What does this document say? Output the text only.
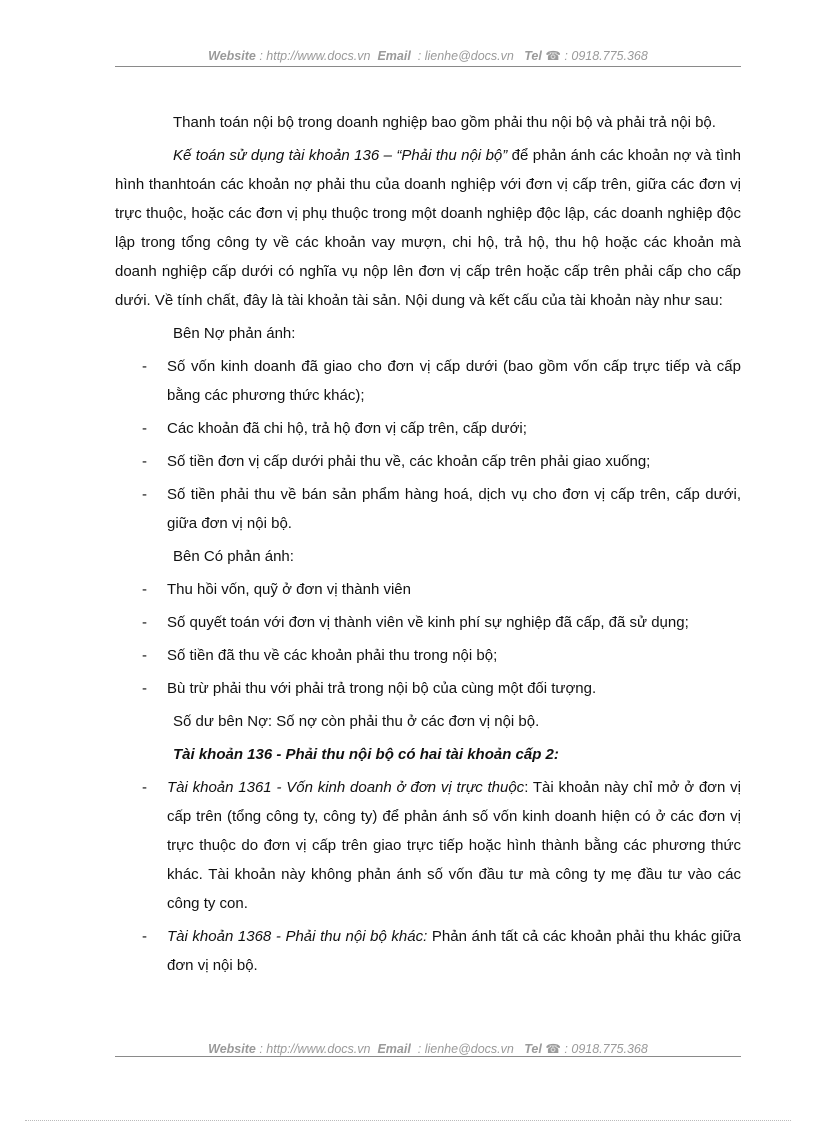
Website : http://www.docs.vn Email : lienhe@docs.vn Tel ☎ : 0918.775.368

Thanh toán nội bộ trong doanh nghiệp bao gồm phải thu nội bộ và phải trả nội bộ.

Kế toán sử dụng tài khoản 136 – “Phải thu nội bộ” để phản ánh các khoản nợ và tình hình thanhtoán các khoản nợ phải thu của doanh nghiệp với đơn vị cấp trên, giữa các đơn vị trực thuộc, hoặc các đơn vị phụ thuộc trong một doanh nghiệp độc lập, các doanh nghiệp độc lập trong tổng công ty về các khoản vay mượn, chi hộ, trả hộ, thu hộ hoặc các khoản mà doanh nghiệp cấp dưới có nghĩa vụ nộp lên đơn vị cấp trên hoặc cấp trên phải cấp cho cấp dưới. Về tính chất, đây là tài khoản tài sản. Nội dung và kết cấu của tài khoản này như sau:

Bên Nợ phản ánh:

- Số vốn kinh doanh đã giao cho đơn vị cấp dưới (bao gồm vốn cấp trực tiếp và cấp bằng các phương thức khác);
- Các khoản đã chi hộ, trả hộ đơn vị cấp trên, cấp dưới;
- Số tiền đơn vị cấp dưới phải thu về, các khoản cấp trên phải giao xuống;
- Số tiền phải thu về bán sản phẩm hàng hoá, dịch vụ cho đơn vị cấp trên, cấp dưới, giữa đơn vị nội bộ.

Bên Có phản ánh:

- Thu hồi vốn, quỹ ở đơn vị thành viên
- Số quyết toán với đơn vị thành viên về kinh phí sự nghiệp đã cấp, đã sử dụng;
- Số tiền đã thu về các khoản phải thu trong nội bộ;
- Bù trừ phải thu với phải trả trong nội bộ của cùng một đối tượng.

Số dư bên Nợ: Số nợ còn phải thu ở các đơn vị nội bộ.

Tài khoản 136 - Phải thu nội bộ có hai tài khoản cấp 2:

- Tài khoản 1361 - Vốn kinh doanh ở đơn vị trực thuộc: Tài khoản này chỉ mở ở đơn vị cấp trên (tổng công ty, công ty) để phản ánh số vốn kinh doanh hiện có ở các đơn vị trực thuộc do đơn vị cấp trên giao trực tiếp hoặc hình thành bằng các phương thức khác. Tài khoản này không phản ánh số vốn đầu tư mà công ty mẹ đầu tư vào các công ty con.
- Tài khoản 1368 - Phải thu nội bộ khác: Phản ánh tất cả các khoản phải thu khác giữa đơn vị nội bộ.
Website : http://www.docs.vn Email : lienhe@docs.vn Tel ☎ : 0918.775.368
